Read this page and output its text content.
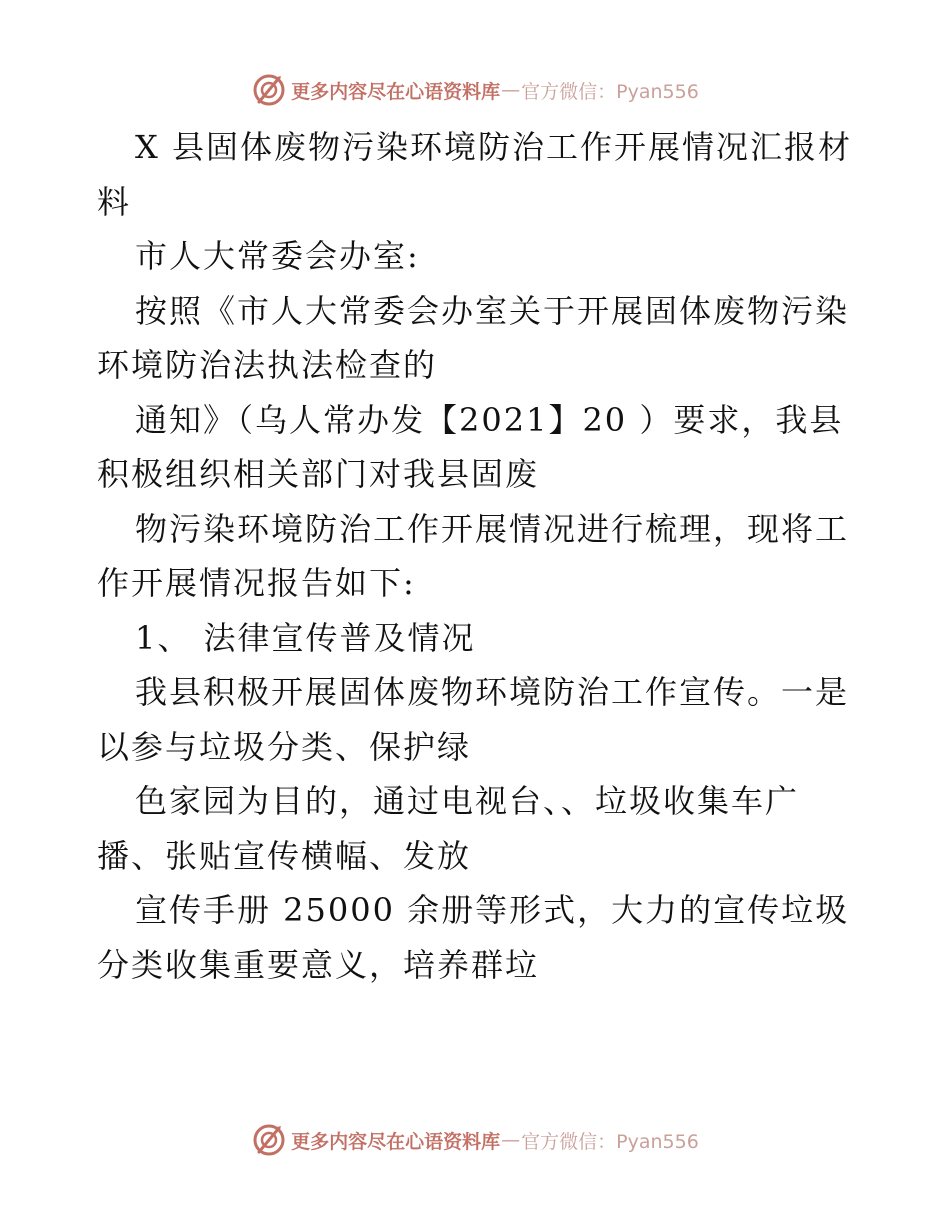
更多内容尽在心语资料库 — 官方微信：Pyan556
X 县固体废物污染环境防治工作开展情况汇报材
料
市人大常委会办室:
按照《市人大常委会办室关于开展固体废物污染
环境防治法执法检查的
通知》（乌人常办发【2021】20 ）要求，我县
积极组织相关部门对我县固废
物污染环境防治工作开展情况进行梳理，现将工
作开展情况报告如下:
1、 法律宣传普及情况
我县积极开展固体废物环境防治工作宣传。一是
以参与垃圾分类、保护绿
色家园为目的，通过电视台、、垃圾收集车广
播、张贴宣传横幅、发放
宣传手册 25000 余册等形式，大力的宣传垃圾
分类收集重要意义，培养群垃
更多内容尽在心语资料库 — 官方微信：Pyan556
